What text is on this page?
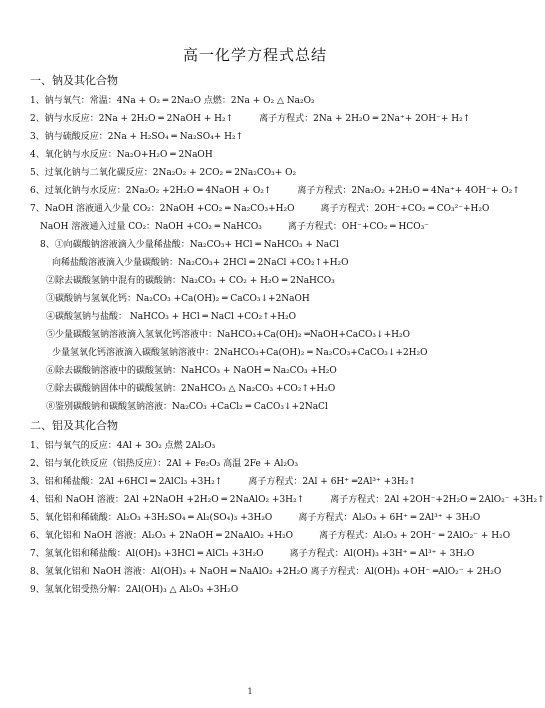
高一化学方程式总结
一、钠及其化合物
1、钠与氧气：常温：4Na + O₂ ═ 2Na₂O 点燃：2Na + O₂ △ Na₂O₂
2、钠与水反应：2Na + 2H₂O ═ 2NaOH + H₂↑	离子方程式：2Na + 2H₂O ═ 2Na⁺+ 2OH⁻+ H₂↑
3、钠与硫酸反应：2Na + H₂SO₄ ═ Na₂SO₄+ H₂↑
4、氧化钠与水反应：Na₂O+H₂O ═ 2NaOH
5、过氧化钠与二氧化碳反应：2Na₂O₂ + 2CO₂ ═ 2Na₂CO₃+ O₂
6、过氧化钠与水反应：2Na₂O₂ +2H₂O ═ 4NaOH + O₂↑	离子方程式：2Na₂O₂ +2H₂O ═ 4Na⁺+ 4OH⁻+ O₂↑
7、NaOH 溶液通入少量 CO₂：2NaOH +CO₂ ═ Na₂CO₃+H₂O	离子方程式：2OH⁻+CO₂ ═ CO₃²⁻+H₂O
NaOH 溶液通入过量 CO₂：NaOH +CO₂ ═ NaHCO₃	离子方程式：OH⁻+CO₂ ═ HCO₃⁻
8、①向碳酸钠溶液滴入少量稀盐酸：Na₂CO₃+ HCl ═ NaHCO₃ + NaCl
向稀盐酸溶液滴入少量碳酸钠：Na₂CO₃+ 2HCl ═ 2NaCl +CO₂↑+H₂O
②除去碳酸氢钠中混有的碳酸钠：Na₂CO₃ + CO₂ + H₂O ═ 2NaHCO₃
③碳酸钠与氢氧化钙：Na₂CO₃ +Ca(OH)₂ ═ CaCO₃↓+2NaOH
④碳酸氢钠与盐酸： NaHCO₃ + HCl ═ NaCl +CO₂↑+H₂O
⑤少量碳酸氢钠溶液滴入氢氧化钙溶液中：NaHCO₃+Ca(OH)₂ ═NaOH+CaCO₃↓+H₂O
少量氢氧化钙溶液滴入碳酸氢钠溶液中：2NaHCO₃+Ca(OH)₂ ═ Na₂CO₃+CaCO₃↓+2H₂O
⑥除去碳酸钠溶液中的碳酸氢钠：NaHCO₃ + NaOH ═ Na₂CO₃ +H₂O
⑦除去碳酸钠固体中的碳酸氢钠：2NaHCO₃ △ Na₂CO₃ +CO₂↑+H₂O
⑧鉴别碳酸钠和碳酸氢钠溶液：Na₂CO₃ +CaCl₂ ═ CaCO₃↓+2NaCl
二、铝及其化合物
1、铝与氧气的反应：4Al + 3O₂ 点燃 2Al₂O₃
2、铝与氧化铁反应（铝热反应）：2Al + Fe₂O₃ 高温 2Fe + Al₂O₃
3、铝和稀盐酸：2Al +6HCl ═ 2AlCl₃ +3H₂↑	离子方程式：2Al + 6H⁺ ═2Al³⁺ +3H₂↑
4、铝和 NaOH 溶液：2Al +2NaOH +2H₂O ═ 2NaAlO₂ +3H₂↑	离子方程式：2Al +2OH⁻+2H₂O ═ 2AlO₂⁻ +3H₂↑
5、氧化铝和稀硫酸：Al₂O₃ +3H₂SO₄ ═ Al₂(SO₄)₃ +3H₂O	离子方程式：Al₂O₃ + 6H⁺ ═ 2Al³⁺ + 3H₂O
6、氧化铝和 NaOH 溶液：Al₂O₃ + 2NaOH ═ 2NaAlO₂ +H₂O	离子方程式：Al₂O₃ + 2OH⁻ ═ 2AlO₂⁻ + H₂O
7、氢氧化铝和稀盐酸：Al(OH)₃ +3HCl ═ AlCl₃ +3H₂O	离子方程式：Al(OH)₃ +3H⁺ ═ Al³⁺ + 3H₂O
8、氢氧化铝和 NaOH 溶液：Al(OH)₃ + NaOH ═ NaAlO₂ +2H₂O 离子方程式：Al(OH)₃ +OH⁻ ═AlO₂⁻ + 2H₂O
9、氢氧化铝受热分解：2Al(OH)₃ △ Al₂O₃ +3H₂O
1
